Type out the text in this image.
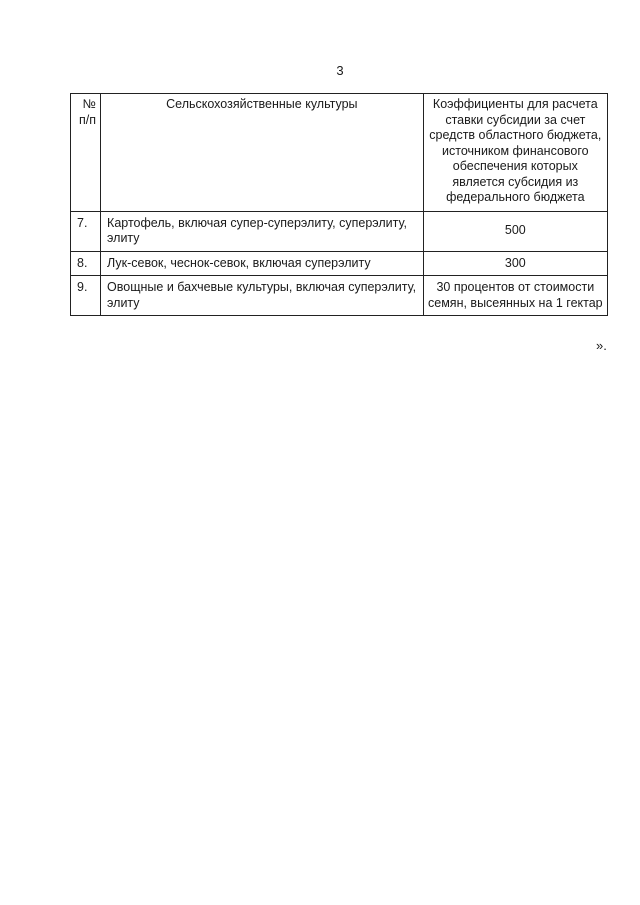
3
№ п/п	Сельскохозяйственные культуры	Коэффициенты для расчета ставки субсидии за счет средств областного бюджета, источником финансового обеспечения которых является субсидия из федерального бюджета
7.	Картофель, включая супер-суперэлиту, суперэлиту, элиту	500
8.	Лук-севок, чеснок-севок, включая суперэлиту	300
9.	Овощные и бахчевые культуры, включая суперэлиту, элиту	30 процентов от стоимости семян, высеянных на 1 гектар
».
